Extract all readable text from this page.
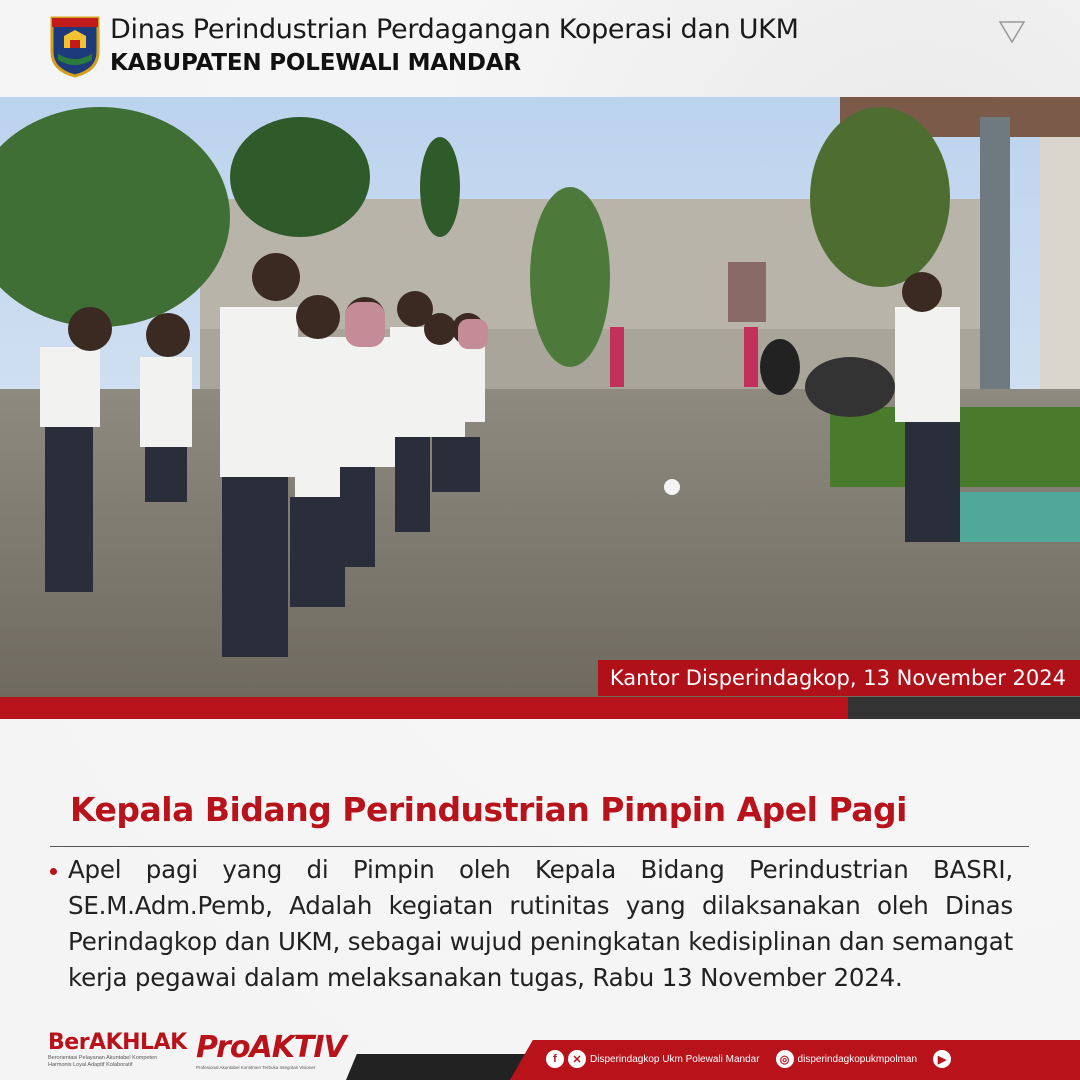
Dinas Perindustrian Perdagangan Koperasi dan UKM
KABUPATEN POLEWALI MANDAR
Kantor Disperindagkop, 13 November 2024
Kepala Bidang Perindustrian Pimpin Apel Pagi
Apel pagi yang di Pimpin oleh Kepala Bidang Perindustrian BASRI, SE.M.Adm.Pemb, Adalah kegiatan rutinitas yang dilaksanakan oleh Dinas Perindagkop dan UKM, sebagai wujud peningkatan kedisiplinan dan semangat kerja pegawai dalam melaksanakan tugas, Rabu 13 November 2024.
BerAKHLAK
Berorientasi Pelayanan Akuntabel Kompeten Harmonis Loyal Adaptif Kolaboratif	ProAKTIV
Profesional Akuntabel Komitmen Terbuka Integritas Visioner
f	✕ Disperindagkop Ukm Polewali Mandar	◎ disperindagkopukmpolman	▶
